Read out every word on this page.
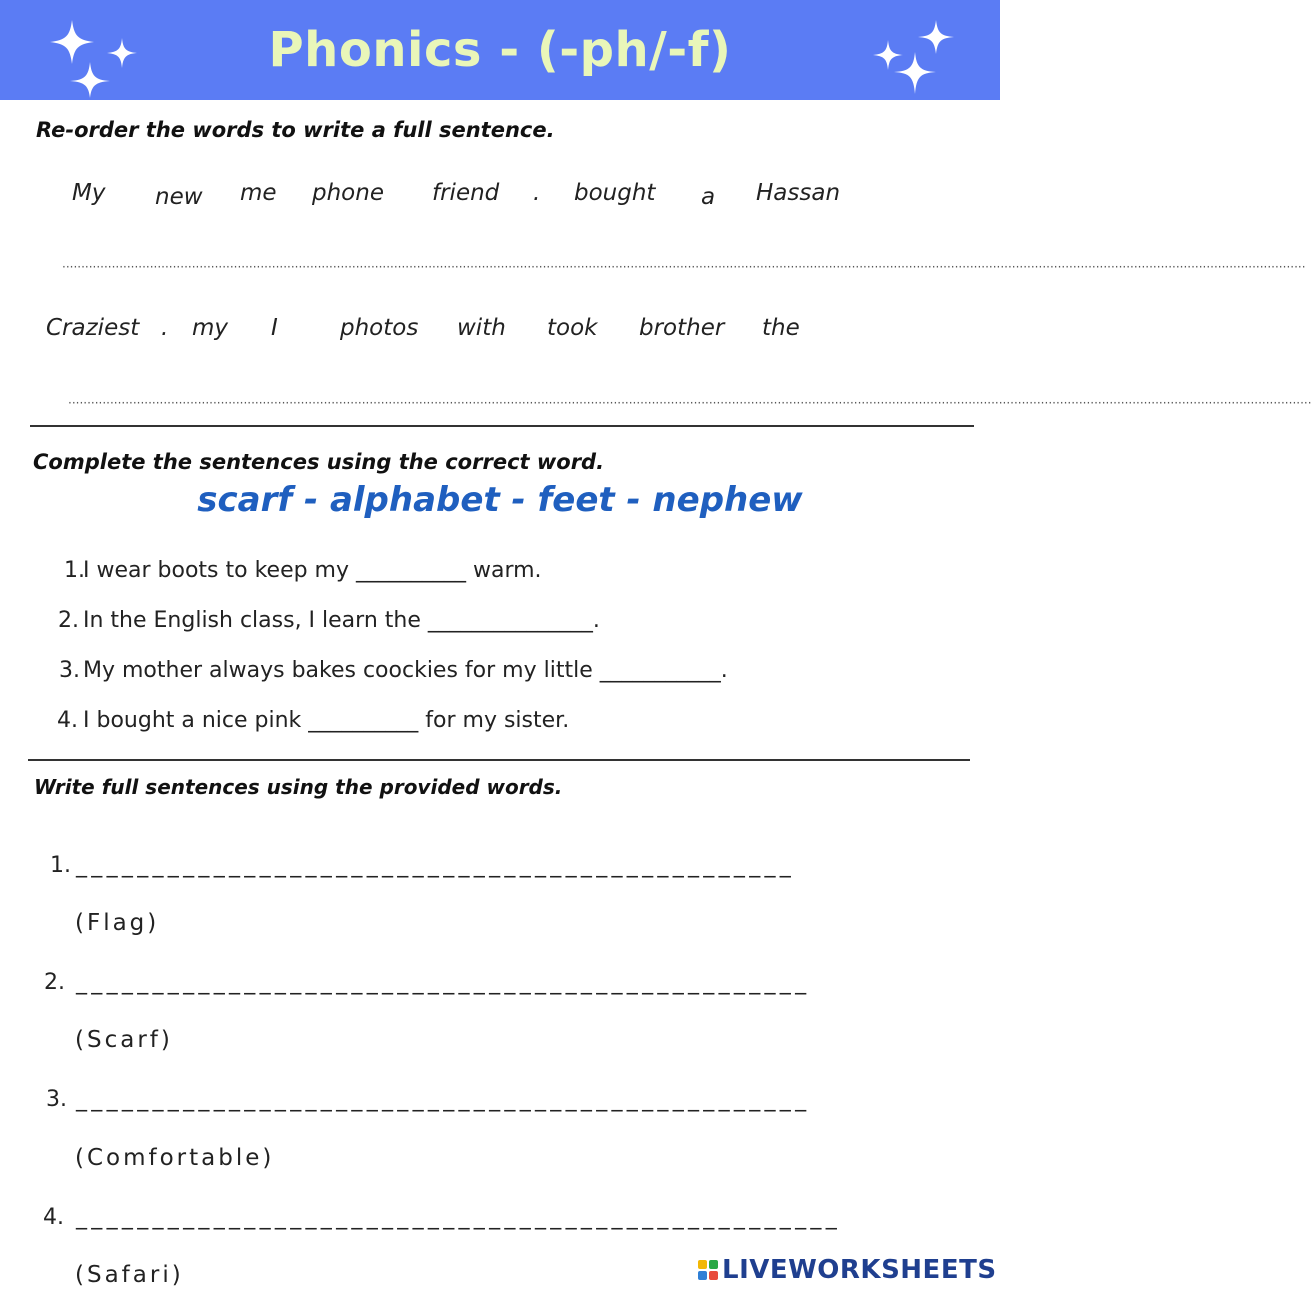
Phonics - (-ph/-f)
Re-order the words to write a full sentence.
My new me phone friend . bought a Hassan
······································································································································································································································································································································
Craziest . my I	photos with took brother the
······································································································································································································································································································································
Complete the sentences using the correct word.
scarf - alphabet - feet - nephew
1.
I wear boots to keep my __________ warm.
2. In the English class, I learn the _______________.
3. My mother always bakes coockies for my little ___________.
4. I bought a nice pink __________ for my sister.
Write full sentences using the provided words.
1. _______________________________________________
(Flag)
2. ________________________________________________
(Scarf)
3. ________________________________________________
(Comfortable)
4. __________________________________________________
(Safari)	LIVEWORKSHEETS
